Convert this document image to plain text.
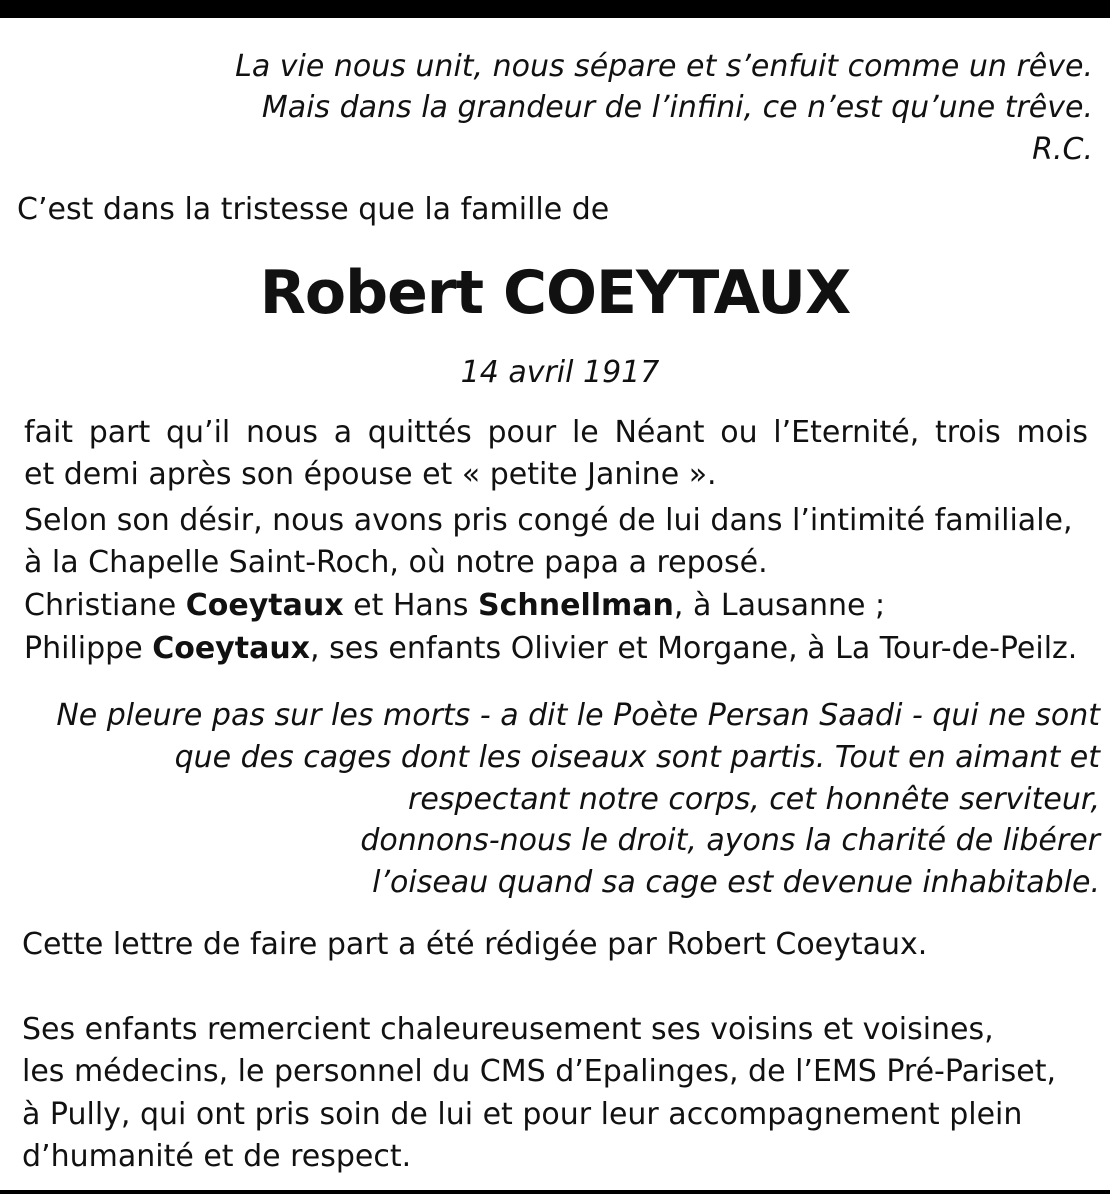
La vie nous unit, nous sépare et s’enfuit comme un rêve.
Mais dans la grandeur de l’infini, ce n’est qu’une trêve.
R.C.
C’est dans la tristesse que la famille de
Robert COEYTAUX
14 avril 1917
fait part qu’il nous a quittés pour le Néant ou l’Eternité, trois mois
et demi après son épouse et « petite Janine ».
Selon son désir, nous avons pris congé de lui dans l’intimité familiale,
à la Chapelle Saint-Roch, où notre papa a reposé.
Christiane Coeytaux et Hans Schnellman, à Lausanne ;
Philippe Coeytaux, ses enfants Olivier et Morgane, à La Tour-de-Peilz.
Ne pleure pas sur les morts - a dit le Poète Persan Saadi - qui ne sont
que des cages dont les oiseaux sont partis. Tout en aimant et
respectant notre corps, cet honnête serviteur,
donnons-nous le droit, ayons la charité de libérer
l’oiseau quand sa cage est devenue inhabitable.
Cette lettre de faire part a été rédigée par Robert Coeytaux.
Ses enfants remercient chaleureusement ses voisins et voisines,
les médecins, le personnel du CMS d’Epalinges, de l’EMS Pré-Pariset,
à Pully, qui ont pris soin de lui et pour leur accompagnement plein
d’humanité et de respect.
